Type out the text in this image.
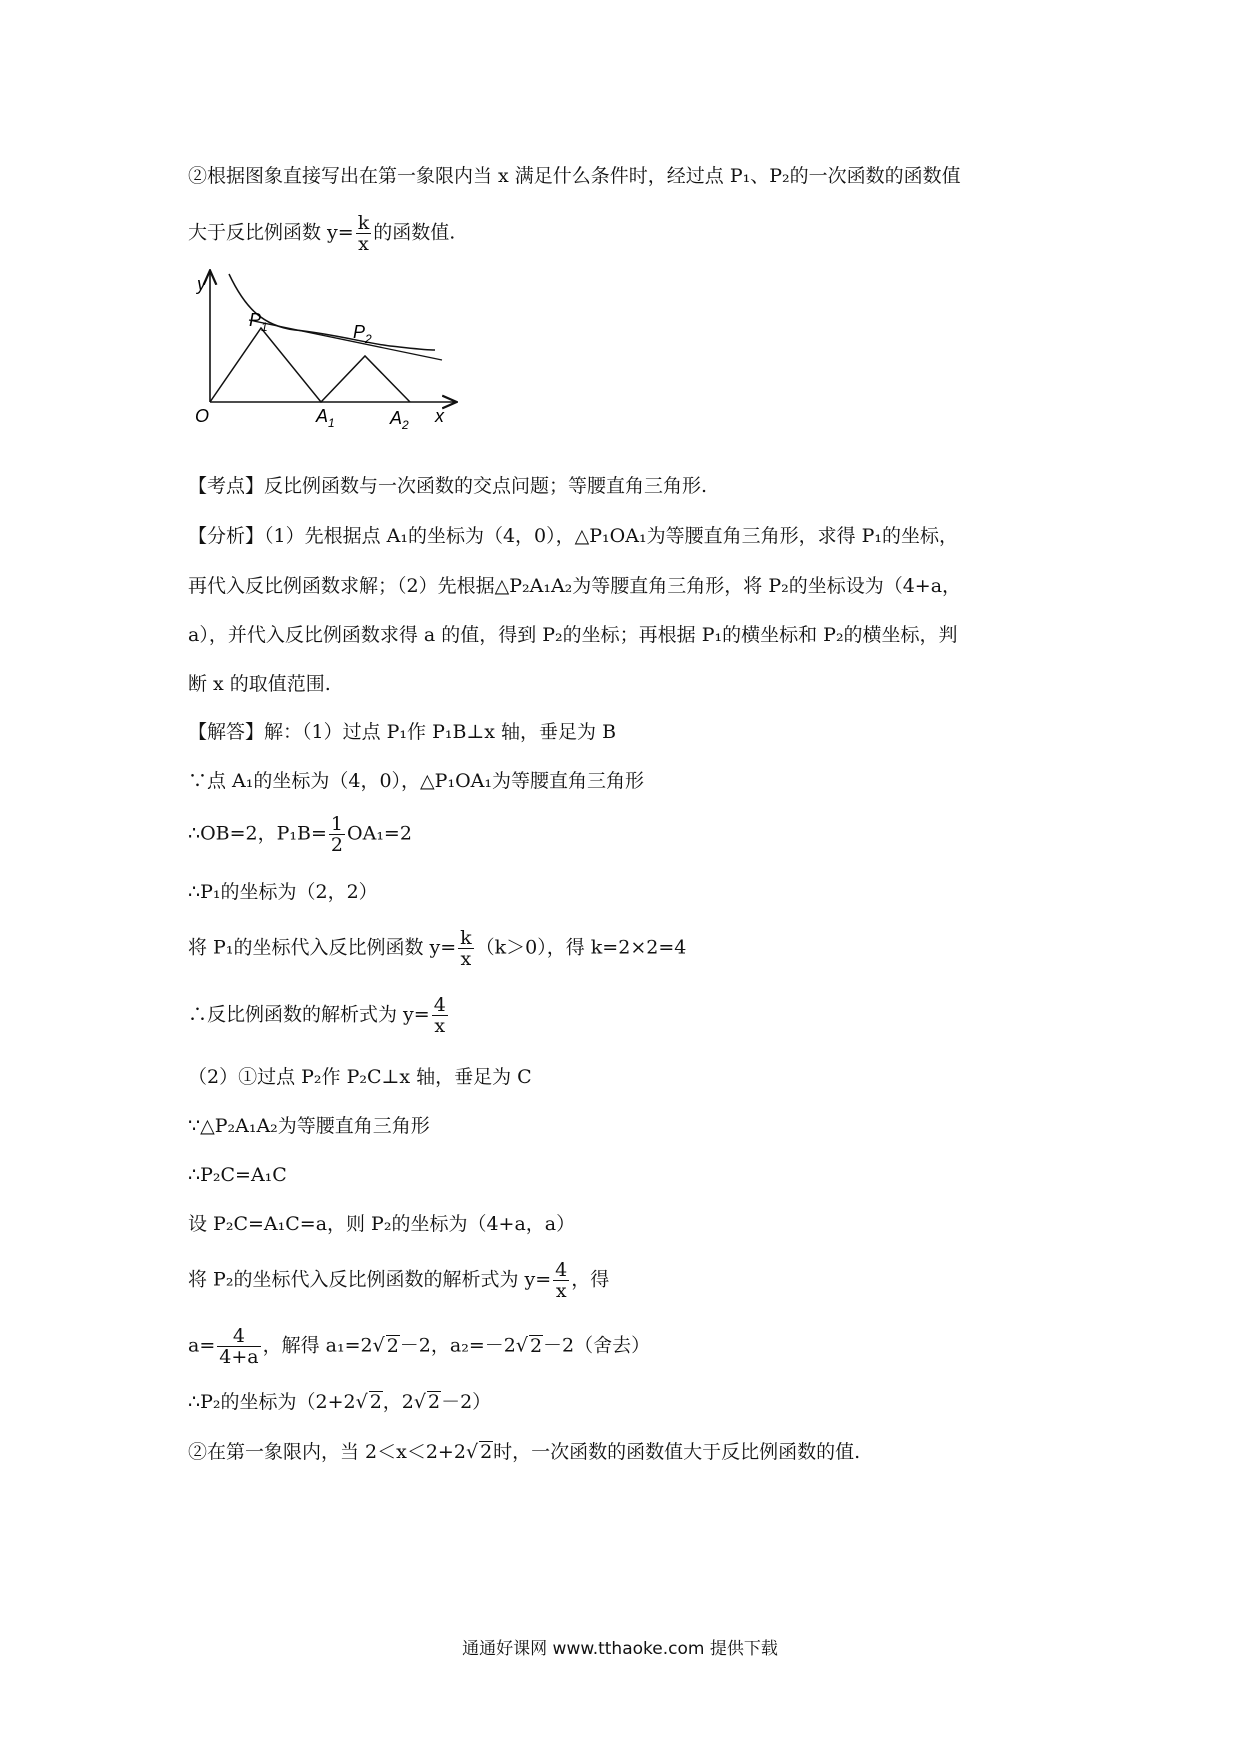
②根据图象直接写出在第一象限内当 x 满足什么条件时，经过点 P₁、P₂的一次函数的函数值
大于反比例函数 $y= \frac{k}{x}$ 的函数值.
y
O	x
$P_1$	$P_2$
$A_1$	$A_2$
【考点】反比例函数与一次函数的交点问题；等腰直角三角形.
【分析】（1）先根据点 A₁的坐标为（4，0），△P₁OA₁为等腰直角三角形，求得 P₁的坐标，
再代入反比例函数求解；（2）先根据△P₂A₁A₂为等腰直角三角形，将 P₂的坐标设为（4+a，
a），并代入反比例函数求得 a 的值，得到 P₂的坐标；再根据 P₁的横坐标和 P₂的横坐标，判
断 x 的取值范围.
【解答】解：（1）过点 P₁作 P₁B⊥x 轴，垂足为 B
∵点 A₁的坐标为（4，0），△P₁OA₁为等腰直角三角形
∴OB=2，$P_1B= \frac{1}{2} OA_1=2$
∴P₁的坐标为（2，2）
将 P₁的坐标代入反比例函数 $y= \frac{k}{x} (k>0)$，得 k=2×2=4
∴反比例函数的解析式为 $y= \frac{4}{x}$
（2）①过点 P₂作 P₂C⊥x 轴，垂足为 C
∵△P₂A₁A₂为等腰直角三角形
∴P₂C=A₁C
设 P₂C=A₁C=a，则 P₂的坐标为（4+a，a）
将 P₂的坐标代入反比例函数的解析式为 $y= \frac{4}{x}$ ，得
$a= \frac{4}{4+a}$ ，解得 a₁=2√ 2－2，a₂=－2√ 2－2（舍去）
∴P₂的坐标为（2+2√ 2，2√ 2－2）
②在第一象限内，当 2＜x＜2+2√ 2时，一次函数的函数值大于反比例函数的值.
通通好课网 www.tthaoke.com 提供下载
